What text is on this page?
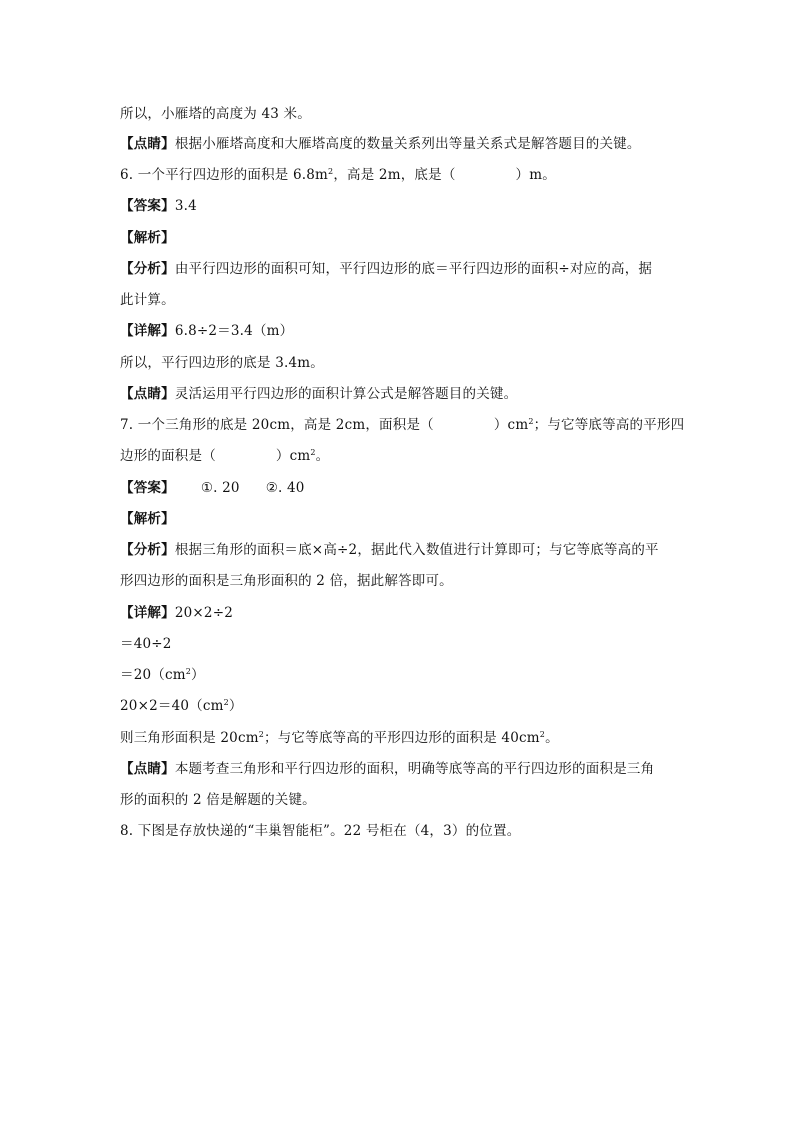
所以，小雁塔的高度为 43 米。
【点睛】根据小雁塔高度和大雁塔高度的数量关系列出等量关系式是解答题目的关键。
6. 一个平行四边形的面积是 $6.8m^2$，高是 2m，底是（	）m。
【答案】3.4
【解析】
【分析】由平行四边形的面积可知，平行四边形的底＝平行四边形的面积÷对应的高，据
此计算。
【详解】6.8÷2＝3.4（m）
所以，平行四边形的底是 3.4m。
【点睛】灵活运用平行四边形的面积计算公式是解答题目的关键。
7. 一个三角形的底是 20cm，高是 2cm，面积是（	）$cm^2$；与它等底等高的平形四
边形的面积是（	）$cm^2$。
【答案】 ①. 20 ②. 40
【解析】
【分析】根据三角形的面积＝底×高÷2，据此代入数值进行计算即可；与它等底等高的平
形四边形的面积是三角形面积的 2 倍，据此解答即可。
【详解】20×2÷2
＝40÷2
$=20(cm^2)$
$20\times 2=40(cm^2)$
则三角形面积是 $20cm^2$；与它等底等高的平形四边形的面积是 $40cm^2$。
【点睛】本题考查三角形和平行四边形的面积，明确等底等高的平行四边形的面积是三角
形的面积的 2 倍是解题的关键。
8. 下图是存放快递的“丰巢智能柜”。22 号柜在（4，3）的位置。
